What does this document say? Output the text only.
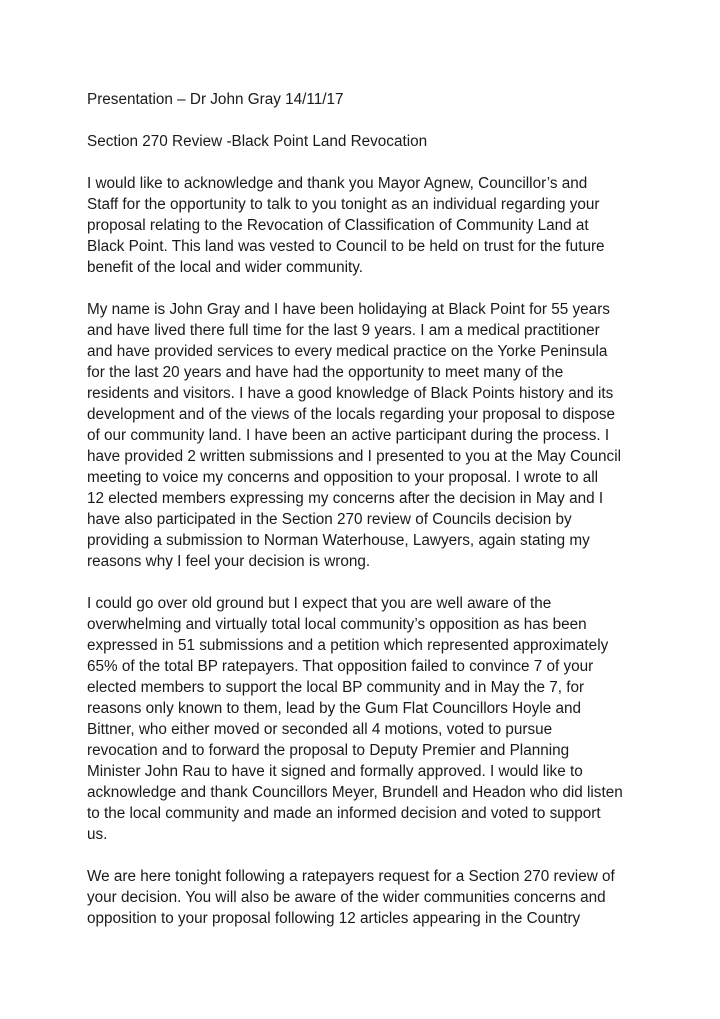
Presentation – Dr John Gray 14/11/17
Section 270 Review -Black Point Land Revocation
I would like to acknowledge and thank you Mayor Agnew, Councillor’s and
Staff for the opportunity to talk to you tonight as an individual regarding your
proposal relating to the Revocation of Classification of Community Land at
Black Point. This land was vested to Council to be held on trust for the future
benefit of the local and wider community.
My name is John Gray and I have been holidaying at Black Point for 55 years
and have lived there full time for the last 9 years. I am a medical practitioner
and have provided services to every medical practice on the Yorke Peninsula
for the last 20 years and have had the opportunity to meet many of the
residents and visitors. I have a good knowledge of Black Points history and its
development and of the views of the locals regarding your proposal to dispose
of our community land. I have been an active participant during the process. I
have provided 2 written submissions and I presented to you at the May Council
meeting to voice my concerns and opposition to your proposal. I wrote to all
12 elected members expressing my concerns after the decision in May and I
have also participated in the Section 270 review of Councils decision by
providing a submission to Norman Waterhouse, Lawyers, again stating my
reasons why I feel your decision is wrong.
I could go over old ground but I expect that you are well aware of the
overwhelming and virtually total local community’s opposition as has been
expressed in 51 submissions and a petition which represented approximately
65% of the total BP ratepayers. That opposition failed to convince 7 of your
elected members to support the local BP community and in May the 7, for
reasons only known to them, lead by the Gum Flat Councillors Hoyle and
Bittner, who either moved or seconded all 4 motions, voted to pursue
revocation and to forward the proposal to Deputy Premier and Planning
Minister John Rau to have it signed and formally approved. I would like to
acknowledge and thank Councillors Meyer, Brundell and Headon who did listen
to the local community and made an informed decision and voted to support
us.
We are here tonight following a ratepayers request for a Section 270 review of
your decision. You will also be aware of the wider communities concerns and
opposition to your proposal following 12 articles appearing in the Country
